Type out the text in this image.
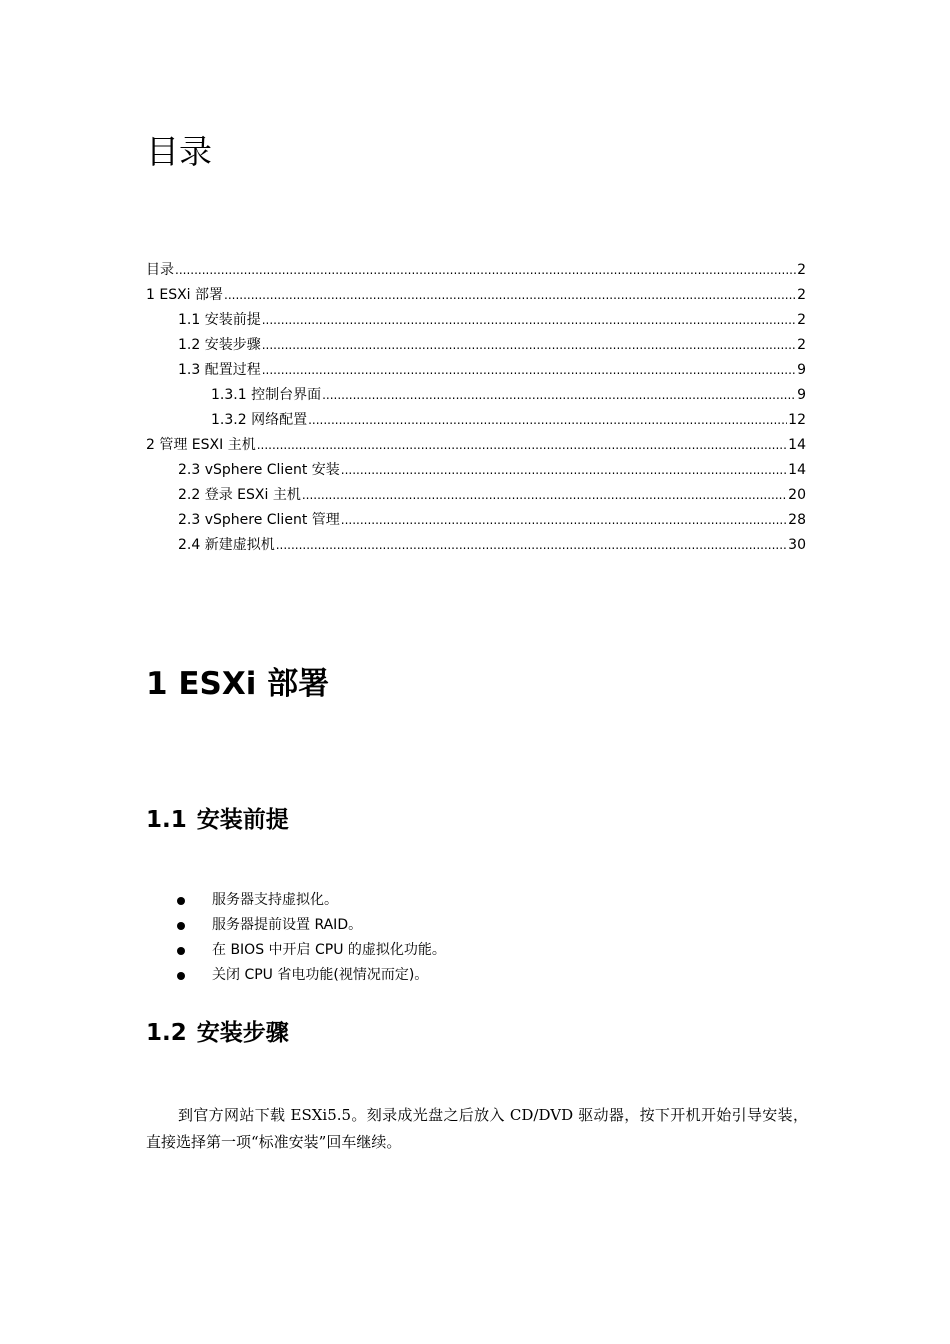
目录
目录 .....	2
1 ESXi 部署 .....	2
1.1 安装前提 .....	2
1.2 安装步骤 .....	2
1.3 配置过程 .....	9
1.3.1 控制台界面 .....	9
1.3.2 网络配置 .....	12
2 管理 ESXI 主机 .....	14
2.3 vSphere Client 安装 .....	14
2.2 登录 ESXi 主机 .....	20
2.3 vSphere Client 管理 .....	28
2.4 新建虚拟机 .....	30
1 ESXi 部署
1.1 安装前提
服务器支持虚拟化。
服务器提前设置 RAID。
在 BIOS 中开启 CPU 的虚拟化功能。
关闭 CPU 省电功能(视情况而定)。
1.2 安装步骤

到官方网站下载 ESXi5.5。刻录成光盘之后放入 CD/DVD 驱动器，按下开机开始引导安装，直接选择第一项“标准安装”回车继续。
